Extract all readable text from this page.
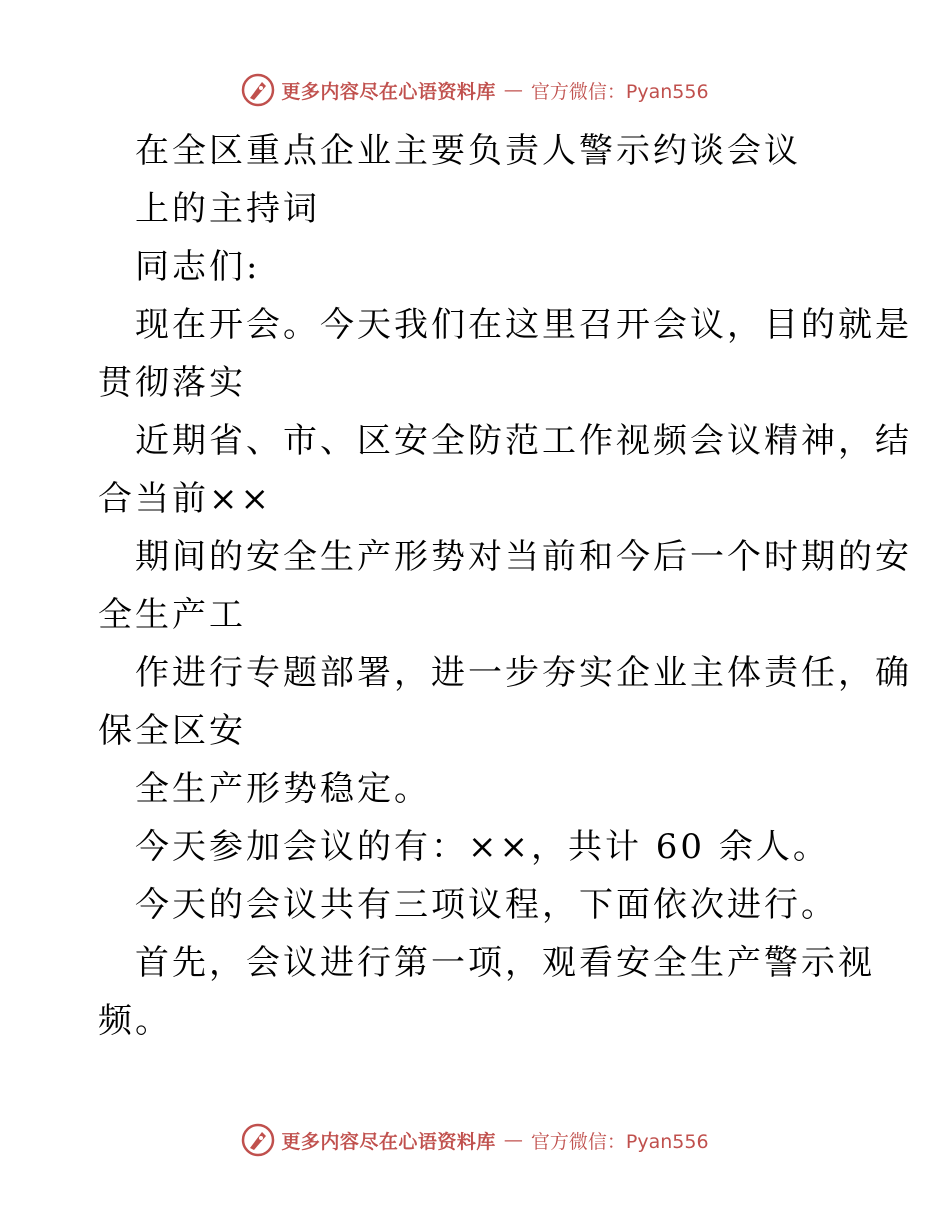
更多内容尽在心语资料库 — 官方微信：Pyan556
在全区重点企业主要负责人警示约谈会议
上的主持词
同志们:
现在开会。今天我们在这里召开会议，目的就是
贯彻落实
近期省、市、区安全防范工作视频会议精神，结
合当前××
期间的安全生产形势对当前和今后一个时期的安
全生产工
作进行专题部署，进一步夯实企业主体责任，确
保全区安
全生产形势稳定。
今天参加会议的有：××，共计 60 余人。
今天的会议共有三项议程，下面依次进行。
首先，会议进行第一项，观看安全生产警示视
频。
更多内容尽在心语资料库 — 官方微信：Pyan556
